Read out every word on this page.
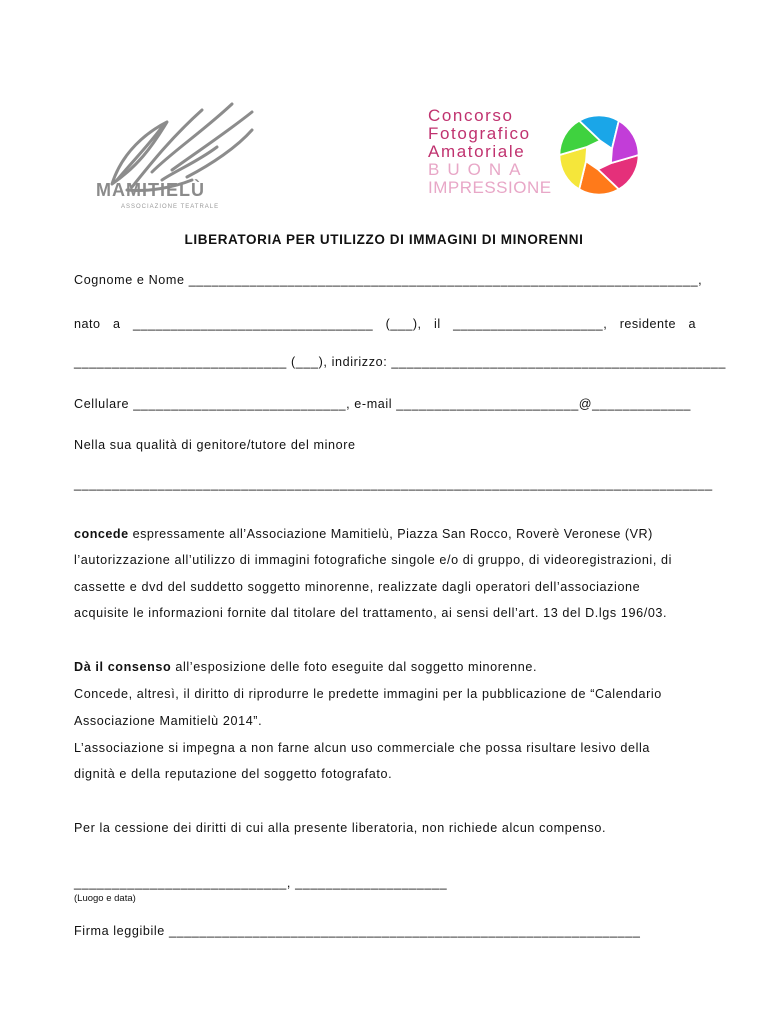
MAMITIELÙ
ASSOCIAZIONE TEATRALE
Concorso
Fotografico
Amatoriale
BUONA
IMPRESSIONE
LIBERATORIA PER UTILIZZO DI IMMAGINI DI MINORENNI
Cognome e Nome ___________________________________________________________________,
nato a ________________________________ (___), il ____________________, residente a
____________________________ (___), indirizzo: ____________________________________________
Cellulare ____________________________, e-mail ________________________@_____________
Nella sua qualità di genitore/tutore del minore
____________________________________________________________________________________
concede espressamente all’Associazione Mamitielù, Piazza San Rocco, Roverè Veronese (VR)
l’autorizzazione all’utilizzo di immagini fotografiche singole e/o di gruppo, di videoregistrazioni, di
cassette e dvd del suddetto soggetto minorenne, realizzate dagli operatori dell’associazione
acquisite le informazioni fornite dal titolare del trattamento, ai sensi dell’art. 13 del D.lgs 196/03.
Dà il consenso all’esposizione delle foto eseguite dal soggetto minorenne.
Concede, altresì, il diritto di riprodurre le predette immagini per la pubblicazione de “Calendario
Associazione Mamitielù 2014”.
L’associazione si impegna a non farne alcun uso commerciale che possa risultare lesivo della
dignità e della reputazione del soggetto fotografato.
Per la cessione dei diritti di cui alla presente liberatoria, non richiede alcun compenso.
____________________________, ____________________
(Luogo e data)
Firma leggibile ______________________________________________________________
